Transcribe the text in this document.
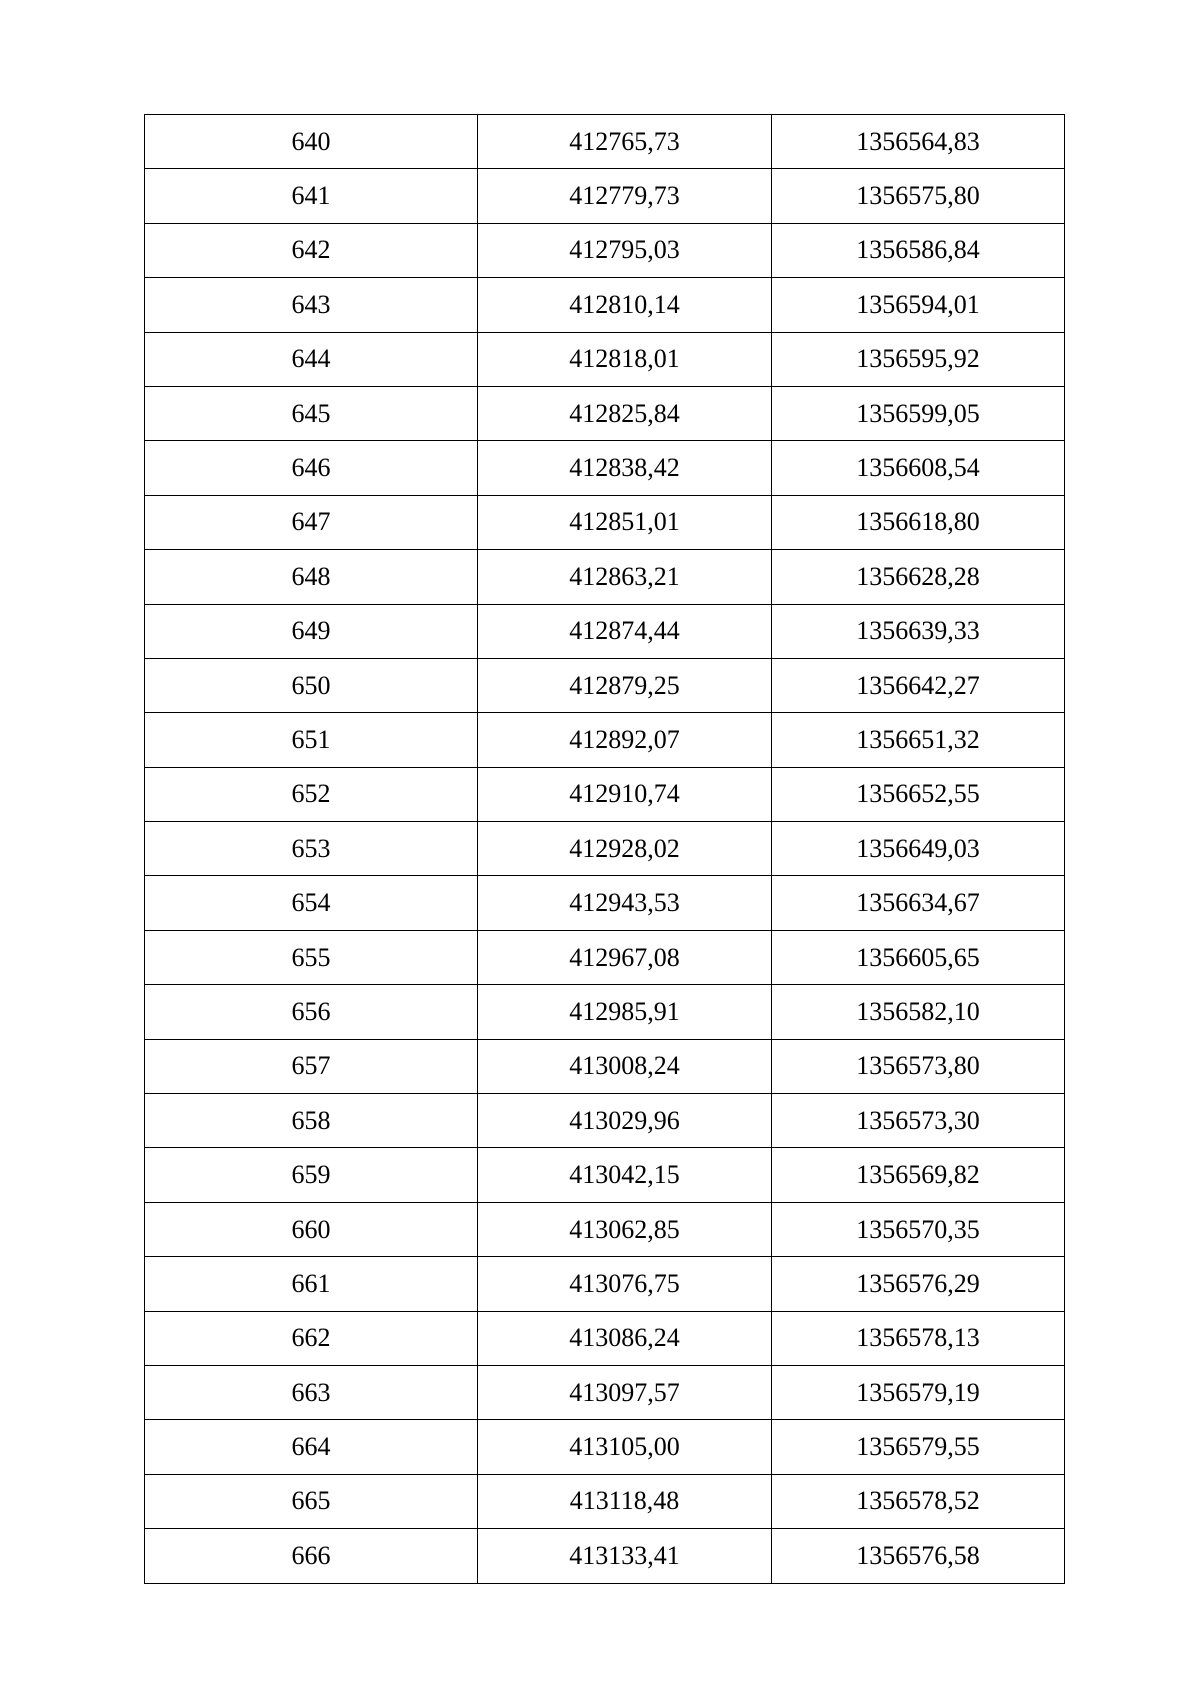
640	412765,73	1356564,83
641	412779,73	1356575,80
642	412795,03	1356586,84
643	412810,14	1356594,01
644	412818,01	1356595,92
645	412825,84	1356599,05
646	412838,42	1356608,54
647	412851,01	1356618,80
648	412863,21	1356628,28
649	412874,44	1356639,33
650	412879,25	1356642,27
651	412892,07	1356651,32
652	412910,74	1356652,55
653	412928,02	1356649,03
654	412943,53	1356634,67
655	412967,08	1356605,65
656	412985,91	1356582,10
657	413008,24	1356573,80
658	413029,96	1356573,30
659	413042,15	1356569,82
660	413062,85	1356570,35
661	413076,75	1356576,29
662	413086,24	1356578,13
663	413097,57	1356579,19
664	413105,00	1356579,55
665	413118,48	1356578,52
666	413133,41	1356576,58
